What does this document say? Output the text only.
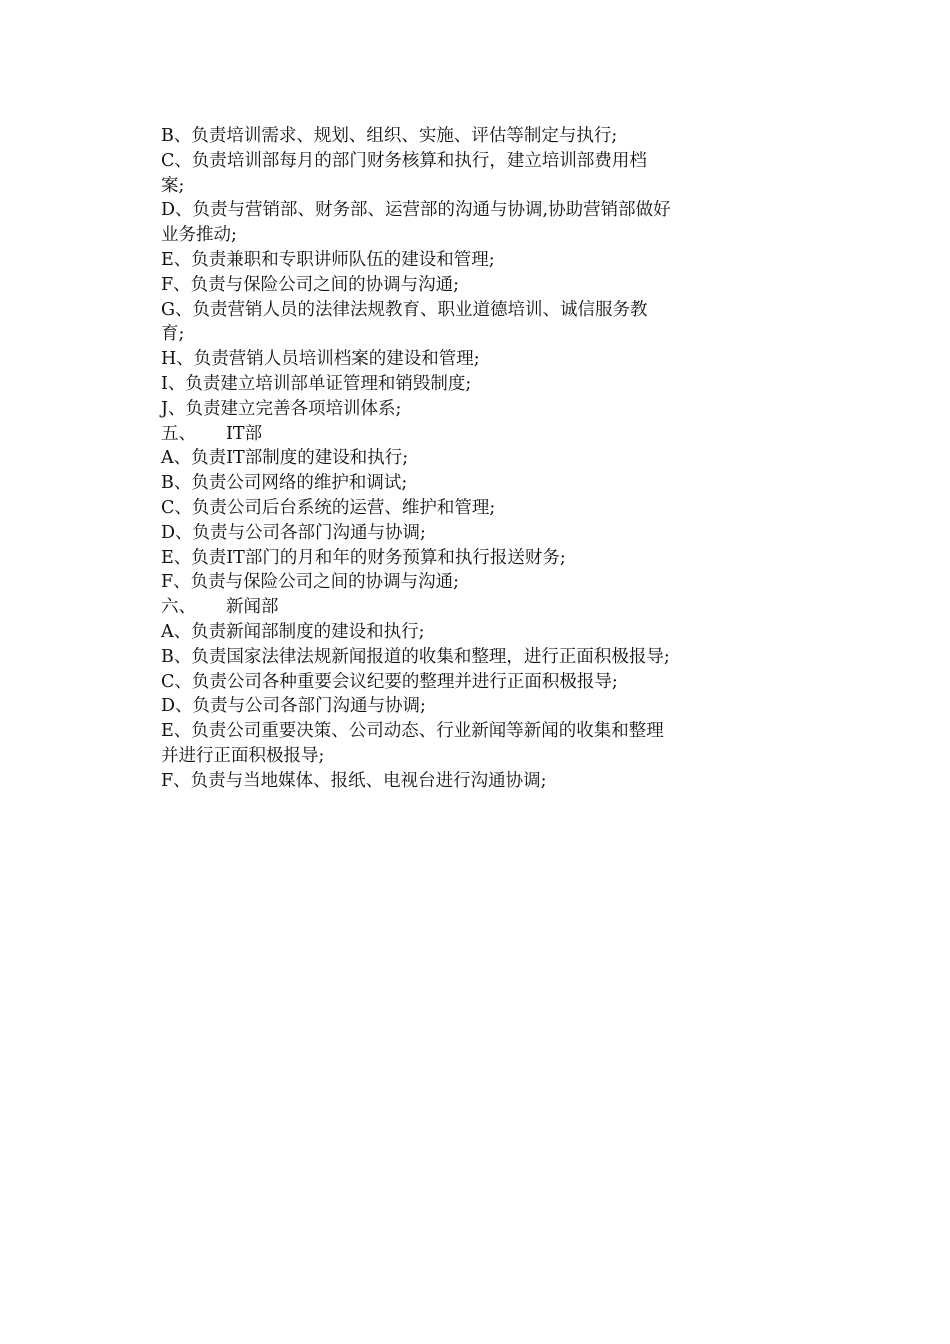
B、负责培训需求、规划、组织、实施、评估等制定与执行;
C、负责培训部每月的部门财务核算和执行，建立培训部费用档
案;
D、负责与营销部、财务部、运营部的沟通与协调,协助营销部做好
业务推动;
E、负责兼职和专职讲师队伍的建设和管理;
F、负责与保险公司之间的协调与沟通;
G、负责营销人员的法律法规教育、职业道德培训、诚信服务教
育;
H、负责营销人员培训档案的建设和管理;
I、负责建立培训部单证管理和销毁制度;
J、负责建立完善各项培训体系;
五、 IT部
A、负责IT部制度的建设和执行;
B、负责公司网络的维护和调试;
C、负责公司后台系统的运营、维护和管理;
D、负责与公司各部门沟通与协调;
E、负责IT部门的月和年的财务预算和执行报送财务;
F、负责与保险公司之间的协调与沟通;
六、 新闻部
A、负责新闻部制度的建设和执行;
B、负责国家法律法规新闻报道的收集和整理，进行正面积极报导;
C、负责公司各种重要会议纪要的整理并进行正面积极报导;
D、负责与公司各部门沟通与协调;
E、负责公司重要决策、公司动态、行业新闻等新闻的收集和整理
并进行正面积极报导;
F、负责与当地媒体、报纸、电视台进行沟通协调;
